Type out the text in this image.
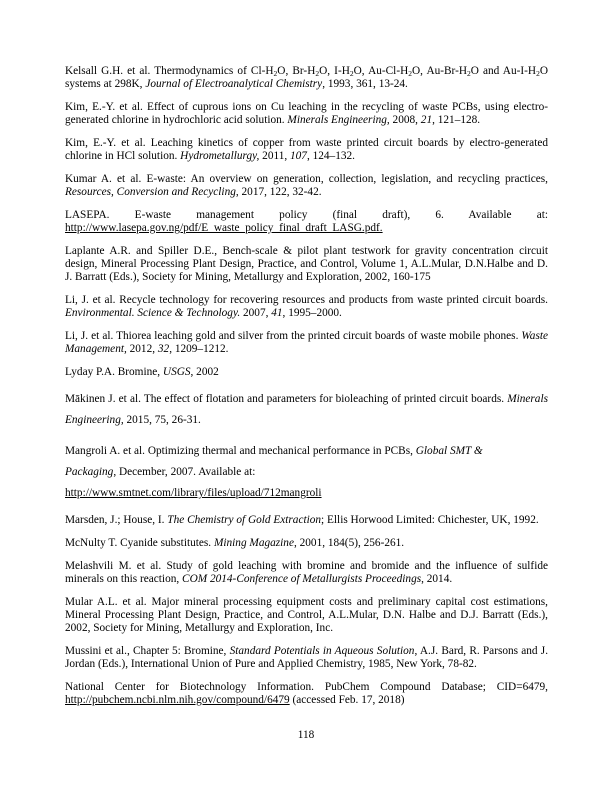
Kelsall G.H. et al. Thermodynamics of Cl-H2O, Br-H2O, I-H2O, Au-Cl-H2O, Au-Br-H2O and Au-I-H2O systems at 298K, Journal of Electroanalytical Chemistry, 1993, 361, 13-24.
Kim, E.-Y. et al. Effect of cuprous ions on Cu leaching in the recycling of waste PCBs, using electro-generated chlorine in hydrochloric acid solution. Minerals Engineering, 2008, 21, 121–128.
Kim, E.-Y. et al. Leaching kinetics of copper from waste printed circuit boards by electro-generated chlorine in HCl solution. Hydrometallurgy, 2011, 107, 124–132.
Kumar A. et al. E-waste: An overview on generation, collection, legislation, and recycling practices, Resources, Conversion and Recycling, 2017, 122, 32-42.
LASEPA. E-waste management policy (final draft), 6. Available at:
http://www.lasepa.gov.ng/pdf/E_waste_policy_final_draft_LASG.pdf.
Laplante A.R. and Spiller D.E., Bench-scale & pilot plant testwork for gravity concentration circuit design, Mineral Processing Plant Design, Practice, and Control, Volume 1, A.L.Mular, D.N.Halbe and D. J. Barratt (Eds.), Society for Mining, Metallurgy and Exploration, 2002, 160-175
Li, J. et al. Recycle technology for recovering resources and products from waste printed circuit boards. Environmental. Science & Technology. 2007, 41, 1995–2000.
Li, J. et al. Thiorea leaching gold and silver from the printed circuit boards of waste mobile phones. Waste Management, 2012, 32, 1209–1212.
Lyday P.A. Bromine, USGS, 2002
Mākinen J. et al. The effect of flotation and parameters for bioleaching of printed circuit boards. Minerals Engineering, 2015, 75, 26-31.
Mangroli A. et al. Optimizing thermal and mechanical performance in PCBs, Global SMT &
Packaging, December, 2007. Available at:
http://www.smtnet.com/library/files/upload/712mangroli
Marsden, J.; House, I. The Chemistry of Gold Extraction; Ellis Horwood Limited: Chichester, UK, 1992.
McNulty T. Cyanide substitutes. Mining Magazine, 2001, 184(5), 256-261.
Melashvili M. et al. Study of gold leaching with bromine and bromide and the influence of sulfide minerals on this reaction, COM 2014-Conference of Metallurgists Proceedings, 2014.
Mular A.L. et al. Major mineral processing equipment costs and preliminary capital cost estimations, Mineral Processing Plant Design, Practice, and Control, A.L.Mular, D.N. Halbe and D.J. Barratt (Eds.), 2002, Society for Mining, Metallurgy and Exploration, Inc.
Mussini et al., Chapter 5: Bromine, Standard Potentials in Aqueous Solution, A.J. Bard, R. Parsons and J. Jordan (Eds.), International Union of Pure and Applied Chemistry, 1985, New York, 78-82.
National Center for Biotechnology Information. PubChem Compound Database; CID=6479, http://pubchem.ncbi.nlm.nih.gov/compound/6479 (accessed Feb. 17, 2018)
118
